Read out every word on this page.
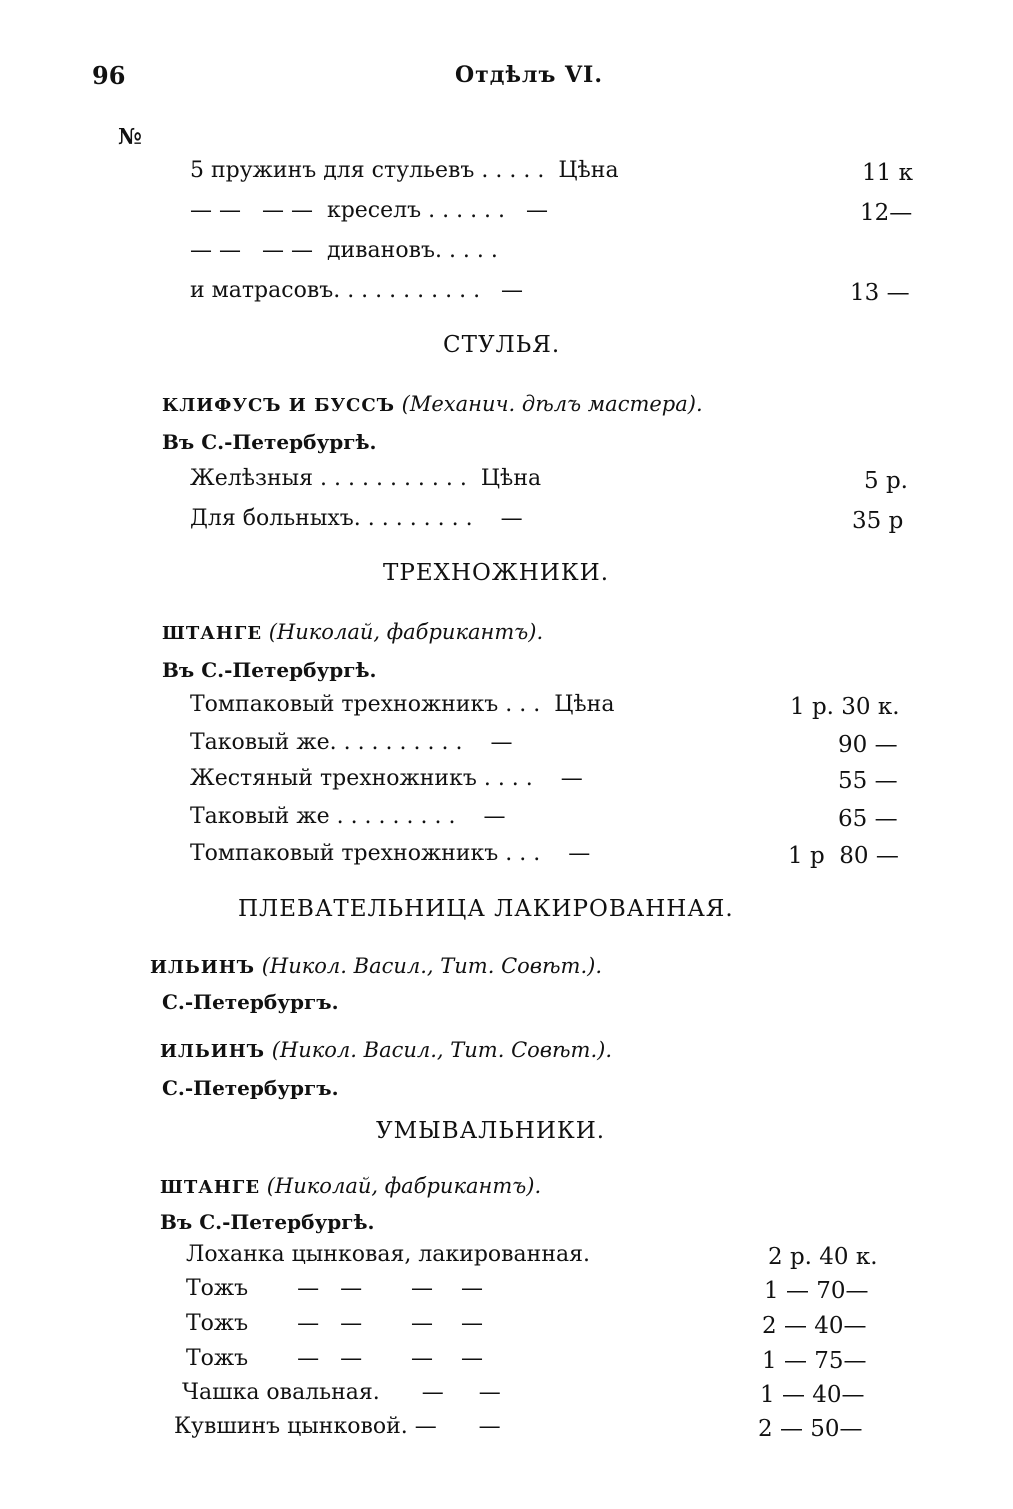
96	Отдѣлъ VI.
№
5 пружинъ для стульевъ . . . . .  Цѣна	11 к
— —   — —  креселъ . . . . . .   —	12—
— —   — —  дивановъ. . . . .
и матрасовъ. . . . . . . . . . .   —	13 —
СТУЛЬЯ.
КЛИФУСЪ И БУССЪ (Механич. дѣлъ мастера).
Въ С.-Петербургѣ.
Желѣзныя . . . . . . . . . . .  Цѣна	5 р.
Для больныхъ. . . . . . . . .    —	35 р
ТРЕХНОЖНИКИ.
ШТАНГЕ (Николай, фабрикантъ).
Въ С.-Петербургѣ.
Томпаковый трехножникъ . . .  Цѣна	1 р. 30 к.
Таковый же. . . . . . . . . .    —	90 —
Жестяный трехножникъ . . . .    —	55 —
Таковый же . . . . . . . . .    —	65 —
Томпаковый трехножникъ . . .    —	1 р  80 —
ПЛЕВАТЕЛЬНИЦА ЛАКИРОВАННАЯ.
ИЛЬИНЪ (Никол. Васил., Тит. Совѣт.).
С.-Петербургъ.
ИЛЬИНЪ (Никол. Васил., Тит. Совѣт.).
С.-Петербургъ.
УМЫВАЛЬНИКИ.
ШТАНГЕ (Николай, фабрикантъ).
Въ С.-Петербургѣ.
Лоханка цынковая, лакированная.	2 р. 40 к.
Тожъ       —   —       —    —	1 — 70—
Тожъ       —   —       —    —	2 — 40—
Тожъ       —   —       —    —	1 — 75—
Чашка овальная.      —     —	1 — 40—
Кувшинъ цынковой. —      —	2 — 50—
